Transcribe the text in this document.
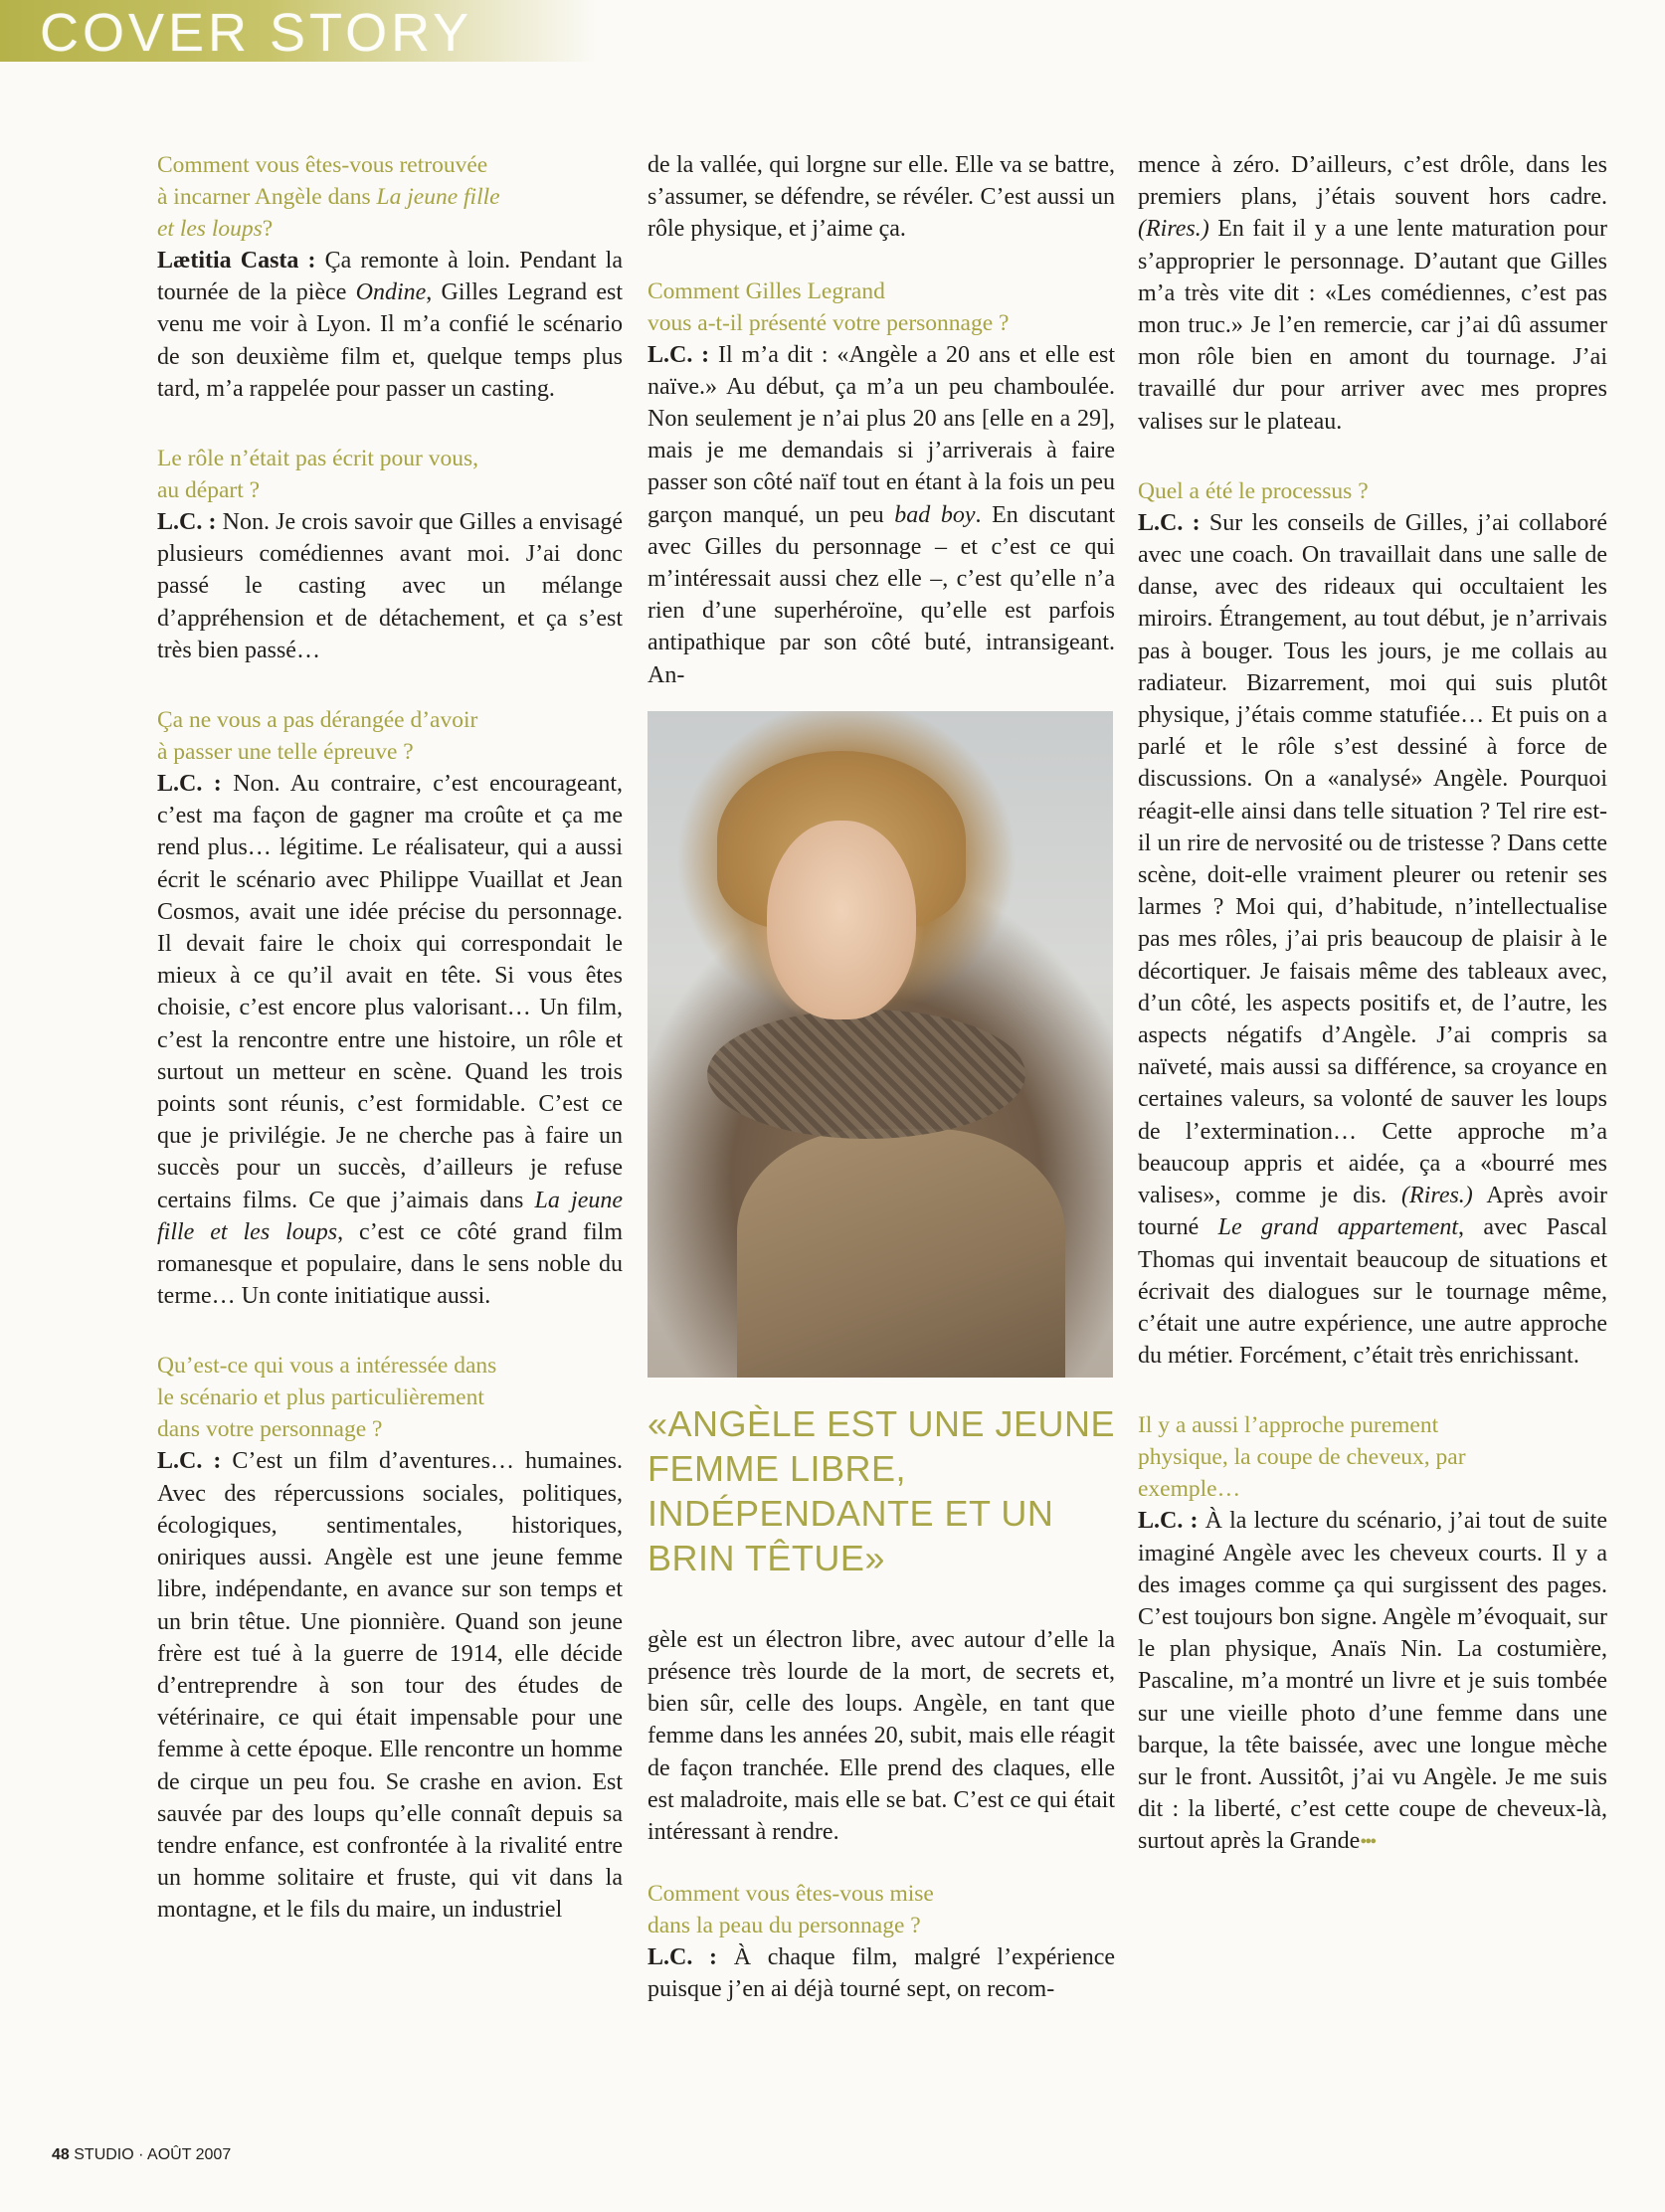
COVER STORY
Comment vous êtes-vous retrouvée
à incarner Angèle dans La jeune fille
et les loups?

Lætitia Casta : Ça remonte à loin. Pendant la tournée de la pièce Ondine, Gilles Legrand est venu me voir à Lyon. Il m’a confié le scénario de son deuxième film et, quelque temps plus tard, m’a rappelée pour passer un casting.

Le rôle n’était pas écrit pour vous,
au départ ?

L.C. : Non. Je crois savoir que Gilles a envisagé plusieurs comédiennes avant moi. J’ai donc passé le casting avec un mélange d’appréhension et de détachement, et ça s’est très bien passé…

Ça ne vous a pas dérangée d’avoir
à passer une telle épreuve ?

L.C. : Non. Au contraire, c’est encourageant, c’est ma façon de gagner ma croûte et ça me rend plus… légitime. Le réalisateur, qui a aussi écrit le scénario avec Philippe Vuaillat et Jean Cosmos, avait une idée précise du personnage. Il devait faire le choix qui correspondait le mieux à ce qu’il avait en tête. Si vous êtes choisie, c’est encore plus valorisant… Un film, c’est la rencontre entre une histoire, un rôle et surtout un metteur en scène. Quand les trois points sont réunis, c’est formidable. C’est ce que je privilégie. Je ne cherche pas à faire un succès pour un succès, d’ailleurs je refuse certains films. Ce que j’aimais dans La jeune fille et les loups, c’est ce côté grand film romanesque et populaire, dans le sens noble du terme… Un conte initiatique aussi.

Qu’est-ce qui vous a intéressée dans
le scénario et plus particulièrement
dans votre personnage ?

L.C. : C’est un film d’aventures… humaines. Avec des répercussions sociales, politiques, écologiques, sentimentales, historiques, oniriques aussi. Angèle est une jeune femme libre, indépendante, en avance sur son temps et un brin têtue. Une pionnière. Quand son jeune frère est tué à la guerre de 1914, elle décide d’entreprendre à son tour des études de vétérinaire, ce qui était impensable pour une femme à cette époque. Elle rencontre un homme de cirque un peu fou. Se crashe en avion. Est sauvée par des loups qu’elle connaît depuis sa tendre enfance, est confrontée à la rivalité entre un homme solitaire et fruste, qui vit dans la montagne, et le fils du maire, un industriel

de la vallée, qui lorgne sur elle. Elle va se battre, s’assumer, se défendre, se révéler. C’est aussi un rôle physique, et j’aime ça.

Comment Gilles Legrand
vous a-t-il présenté votre personnage ?

L.C. : Il m’a dit : «Angèle a 20 ans et elle est naïve.» Au début, ça m’a un peu chamboulée. Non seulement je n’ai plus 20 ans [elle en a 29], mais je me demandais si j’arriverais à faire passer son côté naïf tout en étant à la fois un peu garçon manqué, un peu bad boy. En discutant avec Gilles du personnage – et c’est ce qui m’intéressait aussi chez elle –, c’est qu’elle n’a rien d’une superhéroïne, qu’elle est parfois antipathique par son côté buté, intransigeant. An-

«ANGÈLE EST UNE JEUNE FEMME LIBRE, INDÉPENDANTE ET UN BRIN TÊTUE»

gèle est un électron libre, avec autour d’elle la présence très lourde de la mort, de secrets et, bien sûr, celle des loups. Angèle, en tant que femme dans les années 20, subit, mais elle réagit de façon tranchée. Elle prend des claques, elle est maladroite, mais elle se bat. C’est ce qui était intéressant à rendre.

Comment vous êtes-vous mise
dans la peau du personnage ?

L.C. : À chaque film, malgré l’expérience puisque j’en ai déjà tourné sept, on recom-

mence à zéro. D’ailleurs, c’est drôle, dans les premiers plans, j’étais souvent hors cadre. (Rires.) En fait il y a une lente maturation pour s’approprier le personnage. D’autant que Gilles m’a très vite dit : «Les comédiennes, c’est pas mon truc.» Je l’en remercie, car j’ai dû assumer mon rôle bien en amont du tournage. J’ai travaillé dur pour arriver avec mes propres valises sur le plateau.

Quel a été le processus ?

L.C. : Sur les conseils de Gilles, j’ai collaboré avec une coach. On travaillait dans une salle de danse, avec des rideaux qui occultaient les miroirs. Étrangement, au tout début, je n’arrivais pas à bouger. Tous les jours, je me collais au radiateur. Bizarrement, moi qui suis plutôt physique, j’étais comme statufiée… Et puis on a parlé et le rôle s’est dessiné à force de discussions. On a «analysé» Angèle. Pourquoi réagit-elle ainsi dans telle situation ? Tel rire est-il un rire de nervosité ou de tristesse ? Dans cette scène, doit-elle vraiment pleurer ou retenir ses larmes ? Moi qui, d’habitude, n’intellectualise pas mes rôles, j’ai pris beaucoup de plaisir à le décortiquer. Je faisais même des tableaux avec, d’un côté, les aspects positifs et, de l’autre, les aspects négatifs d’Angèle. J’ai compris sa naïveté, mais aussi sa différence, sa croyance en certaines valeurs, sa volonté de sauver les loups de l’extermination… Cette approche m’a beaucoup appris et aidée, ça a «bourré mes valises», comme je dis. (Rires.) Après avoir tourné Le grand appartement, avec Pascal Thomas qui inventait beaucoup de situations et écrivait des dialogues sur le tournage même, c’était une autre expérience, une autre approche du métier. Forcément, c’était très enrichissant.

Il y a aussi l’approche purement
physique, la coupe de cheveux, par
exemple…

L.C. : À la lecture du scénario, j’ai tout de suite imaginé Angèle avec les cheveux courts. Il y a des images comme ça qui surgissent des pages. C’est toujours bon signe. Angèle m’évoquait, sur le plan physique, Anaïs Nin. La costumière, Pascaline, m’a montré un livre et je suis tombée sur une vieille photo d’une femme dans une barque, la tête baissée, avec une longue mèche sur le front. Aussitôt, j’ai vu Angèle. Je me suis dit : la liberté, c’est cette coupe de cheveux-là, surtout après la Grande•••

48 STUDIO · AOÛT 2007
